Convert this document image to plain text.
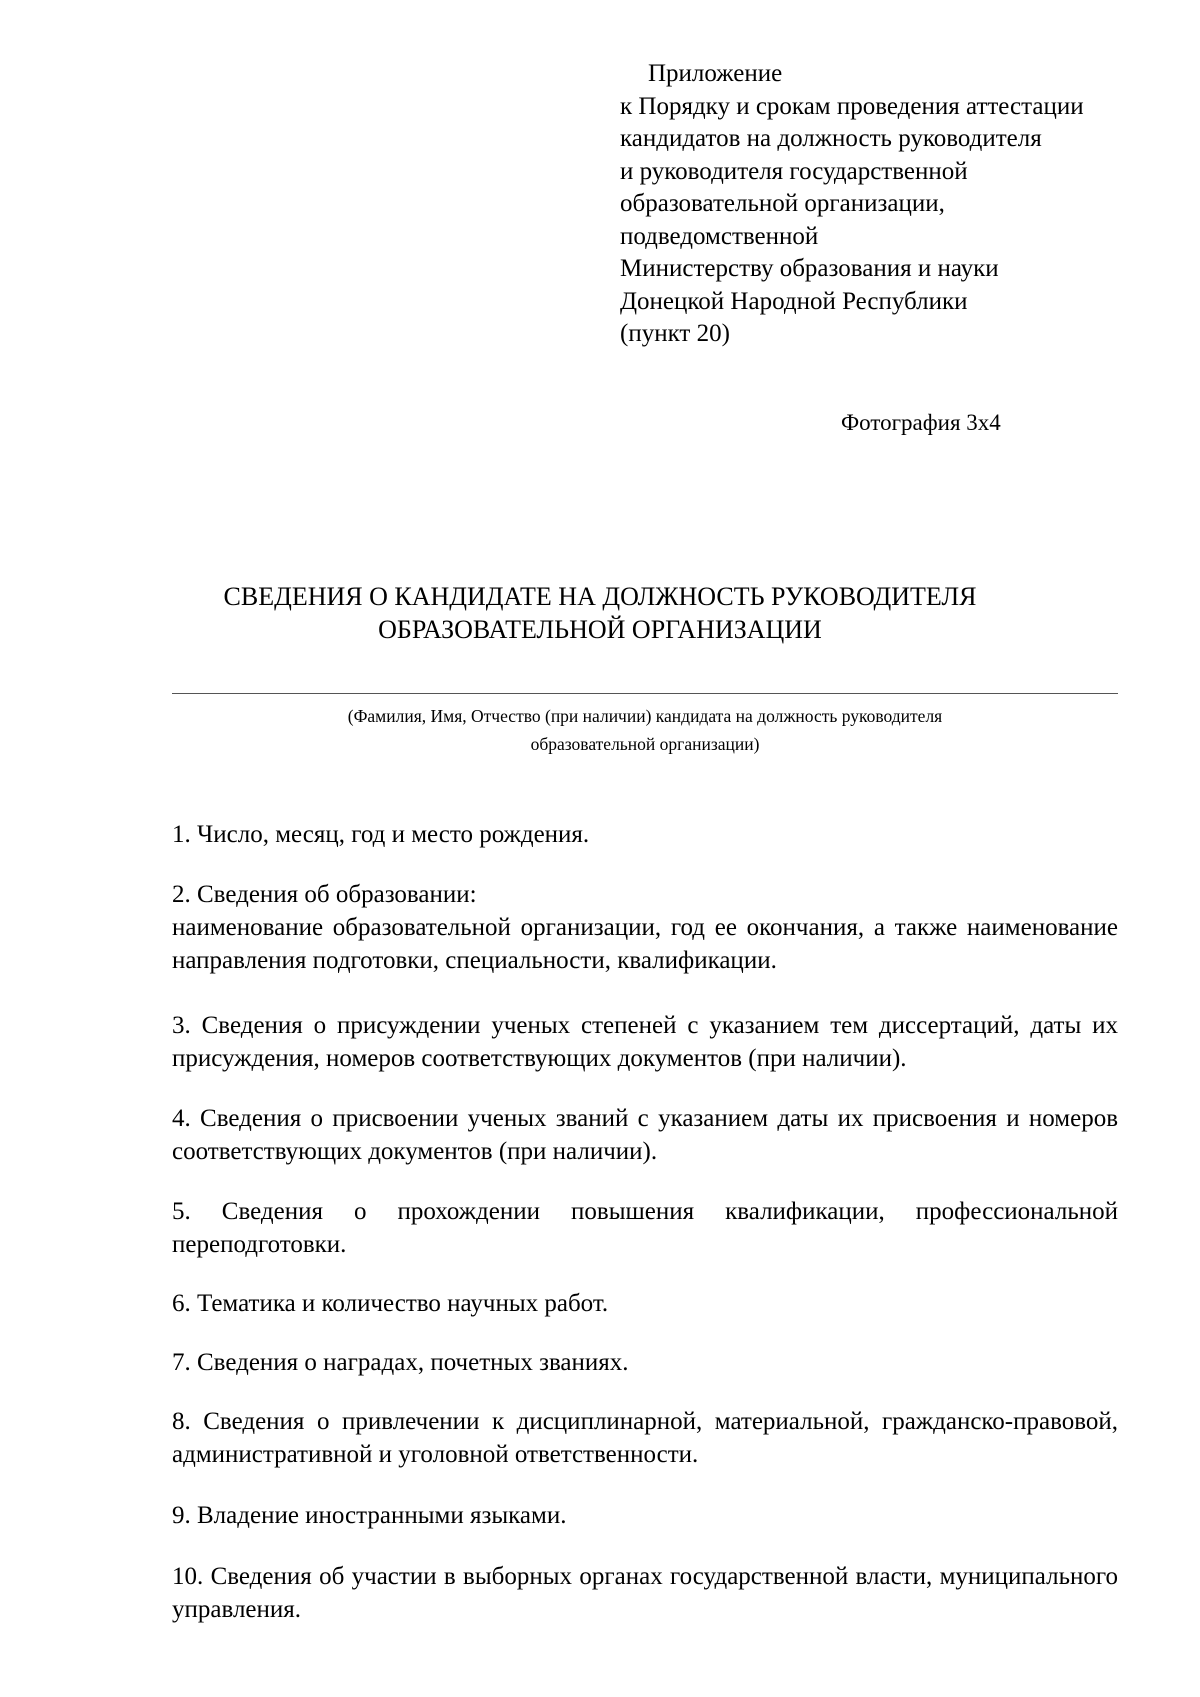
Приложение
к Порядку и срокам проведения аттестации
кандидатов на должность руководителя
и руководителя государственной
образовательной организации,
подведомственной
Министерству образования и науки
Донецкой Народной Республики
(пункт 20)
Фотография 3х4
СВЕДЕНИЯ О КАНДИДАТЕ НА ДОЛЖНОСТЬ РУКОВОДИТЕЛЯ
ОБРАЗОВАТЕЛЬНОЙ ОРГАНИЗАЦИИ
(Фамилия, Имя, Отчество (при наличии) кандидата на должность руководителя
образовательной организации)

1. Число, месяц, год и место рождения.

2. Сведения об образовании:
наименование образовательной организации, год ее окончания, а также наименование направления подготовки, специальности, квалификации.

3. Сведения о присуждении ученых степеней с указанием тем диссертаций, даты их присуждения, номеров соответствующих документов (при наличии).

4. Сведения о присвоении ученых званий с указанием даты их присвоения и номеров соответствующих документов (при наличии).

5. Сведения о прохождении повышения квалификации, профессиональной переподготовки.

6. Тематика и количество научных работ.

7. Сведения о наградах, почетных званиях.

8. Сведения о привлечении к дисциплинарной, материальной, гражданско-правовой, административной и уголовной ответственности.

9. Владение иностранными языками.

10. Сведения об участии в выборных органах государственной власти, муниципального управления.
